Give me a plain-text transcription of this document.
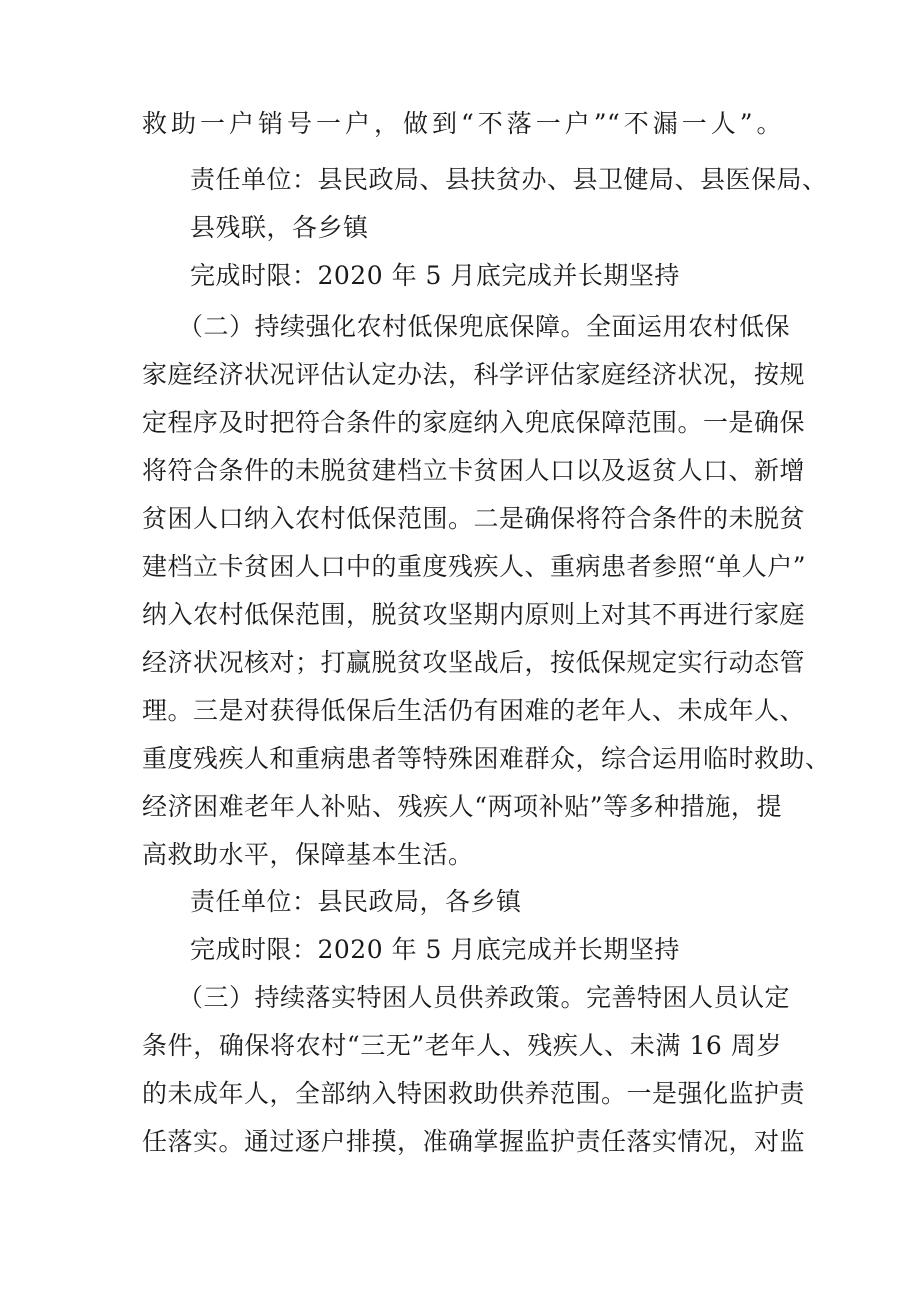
救助一户销号一户，做到“不落一户”“不漏一人”。
责任单位：县民政局、县扶贫办、县卫健局、县医保局、
县残联，各乡镇
完成时限：2020 年 5 月底完成并长期坚持
（二）持续强化农村低保兜底保障。全面运用农村低保
家庭经济状况评估认定办法，科学评估家庭经济状况，按规
定程序及时把符合条件的家庭纳入兜底保障范围。一是确保
将符合条件的未脱贫建档立卡贫困人口以及返贫人口、新增
贫困人口纳入农村低保范围。二是确保将符合条件的未脱贫
建档立卡贫困人口中的重度残疾人、重病患者参照“单人户”
纳入农村低保范围，脱贫攻坚期内原则上对其不再进行家庭
经济状况核对；打赢脱贫攻坚战后，按低保规定实行动态管
理。三是对获得低保后生活仍有困难的老年人、未成年人、
重度残疾人和重病患者等特殊困难群众，综合运用临时救助、
经济困难老年人补贴、残疾人“两项补贴”等多种措施，提
高救助水平，保障基本生活。
责任单位：县民政局，各乡镇
完成时限：2020 年 5 月底完成并长期坚持
（三）持续落实特困人员供养政策。完善特困人员认定
条件，确保将农村“三无”老年人、残疾人、未满 16 周岁
的未成年人，全部纳入特困救助供养范围。一是强化监护责
任落实。通过逐户排摸，准确掌握监护责任落实情况，对监
